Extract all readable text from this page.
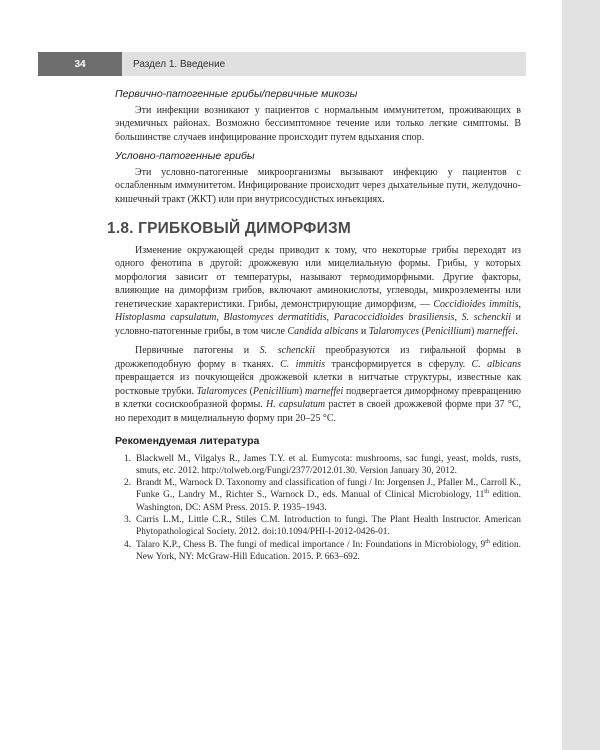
34	Раздел 1. Введение
Первично-патогенные грибы/первичные микозы

Эти инфекции возникают у пациентов с нормальным иммунитетом, проживающих в эндемичных районах. Возможно бессимптомное течение или только легкие симптомы. В большинстве случаев инфицирование происходит путем вдыхания спор.

Условно-патогенные грибы

Эти условно-патогенные микроорганизмы вызывают инфекцию у пациентов с ослабленным иммунитетом. Инфицирование происходит через дыхательные пути, желудочно-кишечный тракт (ЖКТ) или при внутрисосудистых инъекциях.

1.8. ГРИБКОВЫЙ ДИМОРФИЗМ

Изменение окружающей среды приводит к тому, что некоторые грибы переходят из одного фенотипа в другой: дрожжевую или мицелиальную формы. Грибы, у которых морфология зависит от температуры, называют термодиморфными. Другие факторы, влияющие на диморфизм грибов, включают аминокислоты, углеводы, микроэлементы или генетические характеристики. Грибы, демонстрирующие диморфизм, — Coccidioides immitis, Histoplasma capsulatum, Blastomyces dermatitidis, Paracoccidioides brasiliensis, S. schenckii и условно-патогенные грибы, в том числе Candida albicans и Talaromyces (Penicillium) marneffei.

Первичные патогены и S. schenckii преобразуются из гифальной формы в дрожжеподобную форму в тканях. C. immitis трансформируется в сферулу. C. albicans превращается из почкующейся дрожжевой клетки в нитчатые структуры, известные как ростковые трубки. Talaromyces (Penicillium) marneffei подвергается диморфному превращению в клетки сосискообразной формы. H. capsulatum растет в своей дрожжевой форме при 37 °С, но переходит в мицелиальную форму при 20–25 °С.

Рекомендуемая литература
1. Blackwell M., Vilgalys R., James T.Y. et al. Eumycota: mushrooms, sac fungi, yeast, molds, rusts, smuts, etc. 2012. http://tolweb.org/Fungi/2377/2012.01.30. Version January 30, 2012.
2. Brandt M., Warnock D. Taxonomy and classification of fungi / In: Jorgensen J., Pfaller M., Carroll K., Funke G., Landry M., Richter S., Warnock D., eds. Manual of Clinical Microbiology, 11th edition. Washington, DC: ASM Press. 2015. P. 1935–1943.
3. Carris L.M., Little C.R., Stiles C.M. Introduction to fungi. The Plant Health Instructor. American Phytopathological Society. 2012. doi:10.1094/PHI-I-2012-0426-01.
4. Talaro K.P., Chess B. The fungi of medical importance / In: Foundations in Microbiology, 9th edition. New York, NY: McGraw-Hill Education. 2015. P. 663–692.
